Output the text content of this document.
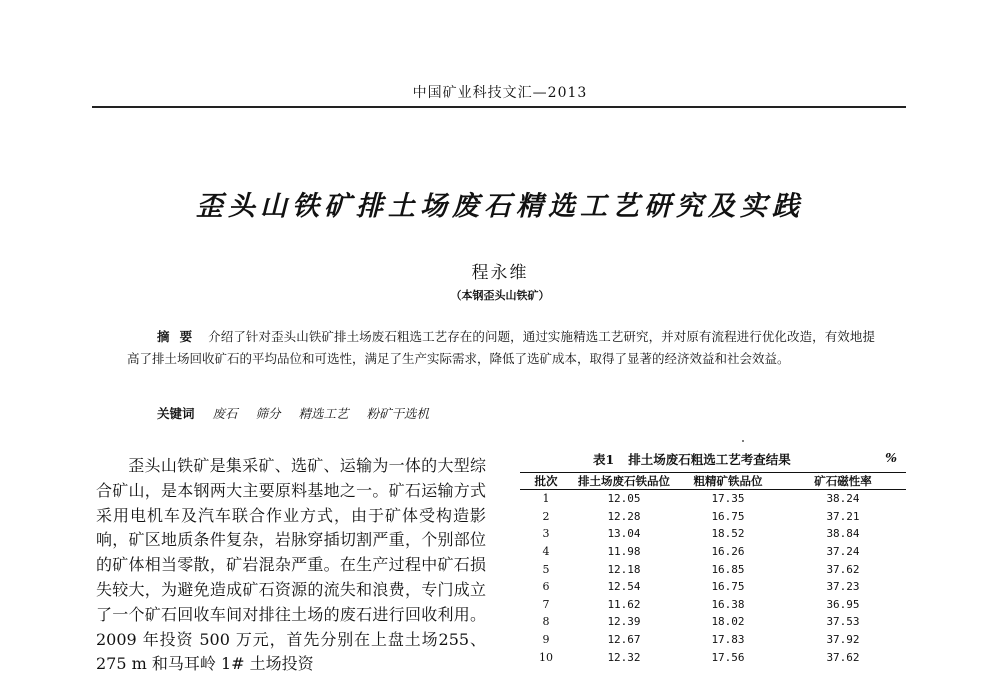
中国矿业科技文汇—2013
歪头山铁矿排土场废石精选工艺研究及实践
程永维
（本钢歪头山铁矿）
摘要 介绍了针对歪头山铁矿排土场废石粗选工艺存在的问题，通过实施精选工艺研究，并对原有流程进行优化改造，有效地提高了排土场回收矿石的平均品位和可选性，满足了生产实际需求，降低了选矿成本，取得了显著的经济效益和社会效益。
关键词 废石 筛分 精选工艺 粉矿干选机
歪头山铁矿是集采矿、选矿、运输为一体的大型综合矿山，是本钢两大主要原料基地之一。矿石运输方式采用电机车及汽车联合作业方式，由于矿体受构造影响，矿区地质条件复杂，岩脉穿插切割严重，个别部位的矿体相当零散，矿岩混杂严重。在生产过程中矿石损失较大，为避免造成矿石资源的流失和浪费，专门成立了一个矿石回收车间对排往土场的废石进行回收利用。2009 年投资 500 万元，首先分别在上盘土场255、275 m 和马耳岭 1# 土场投资
表1 排土场废石粗选工艺考查结果	%
批次	排土场废石铁品位	粗精矿铁品位	矿石磁性率
1	12.05	17.35	38.24
2	12.28	16.75	37.21
3	13.04	18.52	38.84
4	11.98	16.26	37.24
5	12.18	16.85	37.62
6	12.54	16.75	37.23
7	11.62	16.38	36.95
8	12.39	18.02	37.53
9	12.67	17.83	37.92
10	12.32	17.56	37.62
